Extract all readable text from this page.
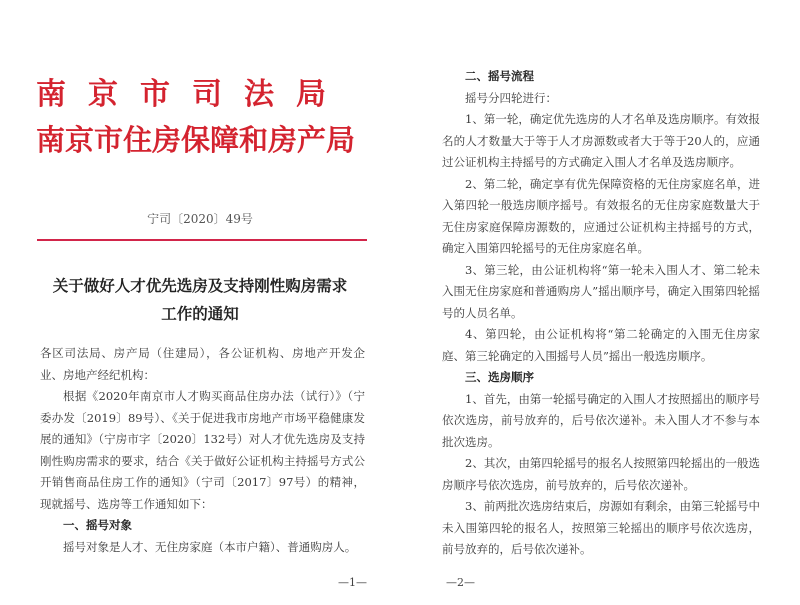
南京市司法局
南京市住房保障和房产局
宁司〔2020〕49号
关于做好人才优先选房及支持刚性购房需求
工作的通知

各区司法局、房产局（住建局），各公证机构、房地产开发企业、房地产经纪机构：

根据《2020年南京市人才购买商品住房办法（试行）》（宁委办发〔2019〕89号）、《关于促进我市房地产市场平稳健康发展的通知》（宁房市字〔2020〕132号）对人才优先选房及支持刚性购房需求的要求，结合《关于做好公证机构主持摇号方式公开销售商品住房工作的通知》（宁司〔2017〕97号）的精神，现就摇号、选房等工作通知如下：

一、摇号对象

摇号对象是人才、无住房家庭（本市户籍）、普通购房人。

—1—

二、摇号流程

摇号分四轮进行：

1、第一轮，确定优先选房的人才名单及选房顺序。有效报名的人才数量大于等于人才房源数或者大于等于20人的，应通过公证机构主持摇号的方式确定入围人才名单及选房顺序。

2、第二轮，确定享有优先保障资格的无住房家庭名单，进入第四轮一般选房顺序摇号。有效报名的无住房家庭数量大于无住房家庭保障房源数的，应通过公证机构主持摇号的方式，确定入围第四轮摇号的无住房家庭名单。

3、第三轮，由公证机构将“第一轮未入围人才、第二轮未入围无住房家庭和普通购房人”摇出顺序号，确定入围第四轮摇号的人员名单。

4、第四轮，由公证机构将“第二轮确定的入围无住房家庭、第三轮确定的入围摇号人员”摇出一般选房顺序。

三、选房顺序

1、首先，由第一轮摇号确定的入围人才按照摇出的顺序号依次选房，前号放弃的，后号依次递补。未入围人才不参与本批次选房。

2、其次，由第四轮摇号的报名人按照第四轮摇出的一般选房顺序号依次选房，前号放弃的，后号依次递补。

3、前两批次选房结束后，房源如有剩余，由第三轮摇号中未入围第四轮的报名人，按照第三轮摇出的顺序号依次选房，前号放弃的，后号依次递补。

—2—
